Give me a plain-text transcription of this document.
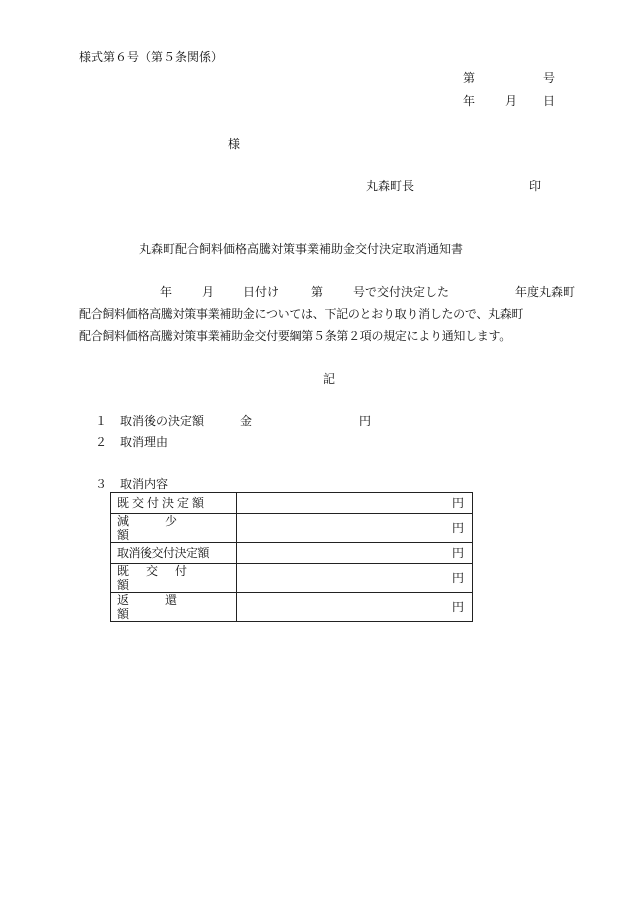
様式第６号（第５条関係）
第	号
年 月 日
様
丸森町長	印
丸森町配合飼料価格高騰対策事業補助金交付決定取消通知書
年 月 日付け	第 号で交付決定した	年度丸森町
配合飼料価格高騰対策事業補助金については、下記のとおり取り消したので、丸森町
配合飼料価格高騰対策事業補助金交付要綱第５条第２項の規定により通知します。
記
１ 取消後の決定額	金	円
２ 取消理由
３ 取消内容
既交付決定額	円

減少額	円

取消後交付決定額	円

既交付額	円

返還額	円
